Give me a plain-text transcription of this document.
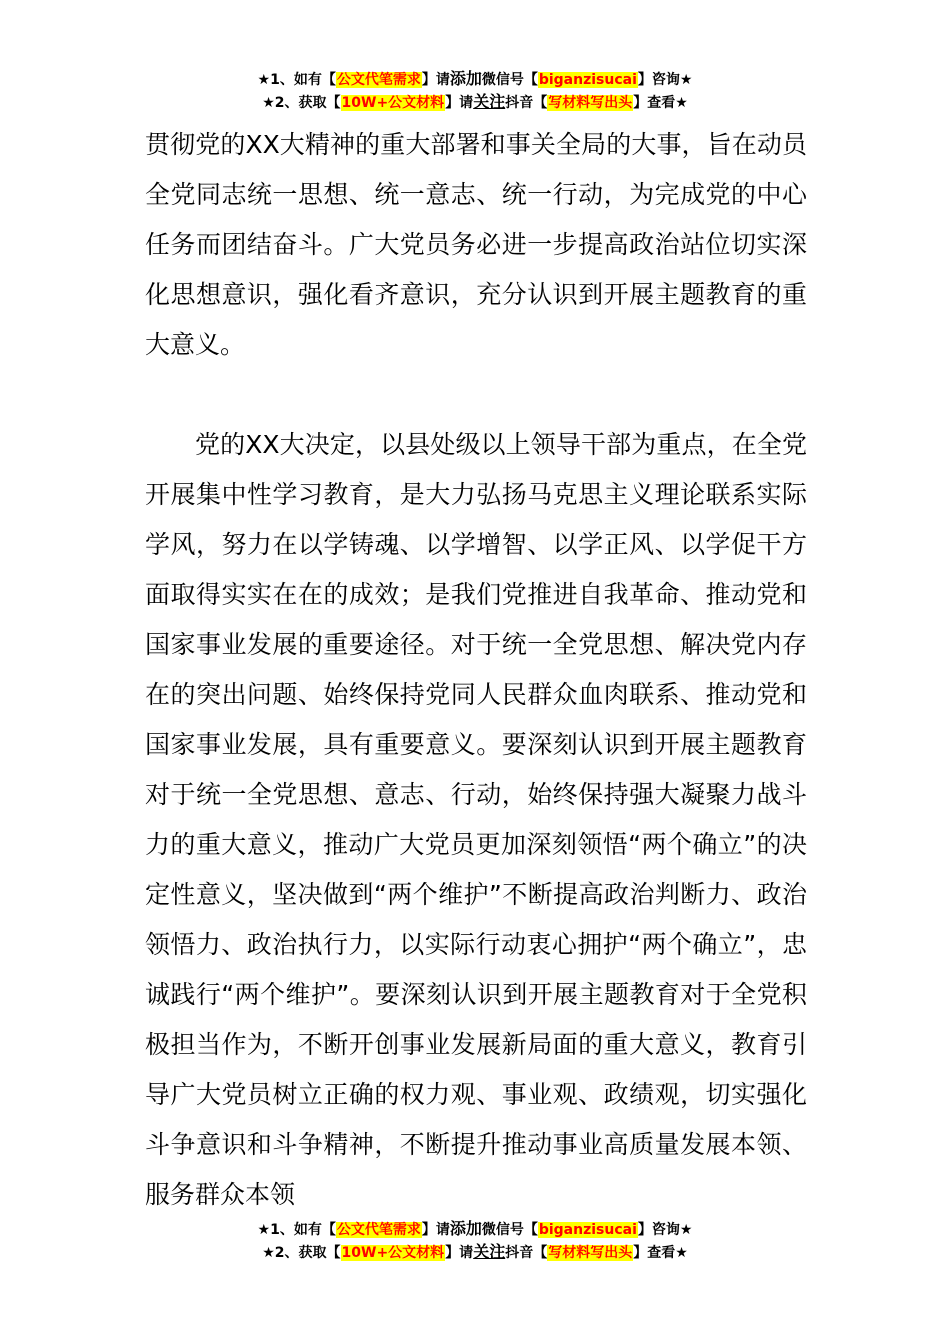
★1、如有【公文代笔需求】请添加微信号【biganzisucai】咨询★
★2、获取【10W+公文材料】请关注抖音【写材料写出头】查看★

贯彻党的XX大精神的重大部署和事关全局的大事，旨在动员全党同志统一思想、统一意志、统一行动，为完成党的中心任务而团结奋斗。广大党员务必进一步提高政治站位切实深化思想意识，强化看齐意识，充分认识到开展主题教育的重大意义。

党的XX大决定，以县处级以上领导干部为重点，在全党开展集中性学习教育，是大力弘扬马克思主义理论联系实际学风，努力在以学铸魂、以学增智、以学正风、以学促干方面取得实实在在的成效；是我们党推进自我革命、推动党和国家事业发展的重要途径。对于统一全党思想、解决党内存在的突出问题、始终保持党同人民群众血肉联系、推动党和国家事业发展，具有重要意义。要深刻认识到开展主题教育对于统一全党思想、意志、行动，始终保持强大凝聚力战斗力的重大意义，推动广大党员更加深刻领悟“两个确立”的决定性意义，坚决做到“两个维护”不断提高政治判断力、政治领悟力、政治执行力，以实际行动衷心拥护“两个确立”，忠诚践行“两个维护”。要深刻认识到开展主题教育对于全党积极担当作为，不断开创事业发展新局面的重大意义，教育引导广大党员树立正确的权力观、事业观、政绩观，切实强化斗争意识和斗争精神，不断提升推动事业高质量发展本领、服务群众本领

★1、如有【公文代笔需求】请添加微信号【biganzisucai】咨询★
★2、获取【10W+公文材料】请关注抖音【写材料写出头】查看★
